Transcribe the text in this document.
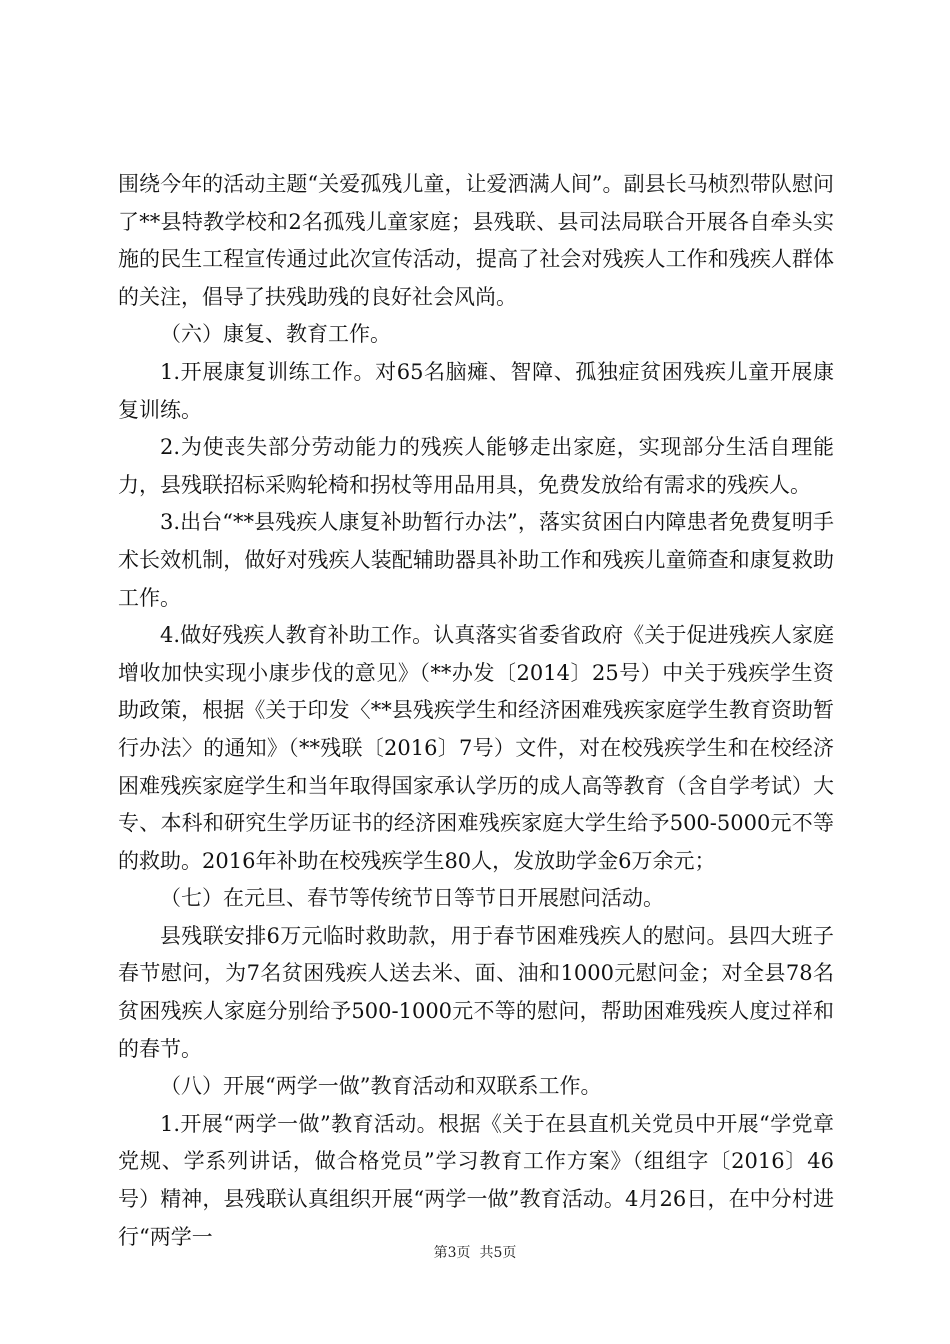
围绕今年的活动主题“关爱孤残儿童，让爱洒满人间”。副县长马桢烈带队慰问了**县特教学校和2名孤残儿童家庭；县残联、县司法局联合开展各自牵头实施的民生工程宣传通过此次宣传活动，提高了社会对残疾人工作和残疾人群体的关注，倡导了扶残助残的良好社会风尚。

（六）康复、教育工作。

1.开展康复训练工作。对65名脑瘫、智障、孤独症贫困残疾儿童开展康复训练。

2.为使丧失部分劳动能力的残疾人能够走出家庭，实现部分生活自理能力，县残联招标采购轮椅和拐杖等用品用具，免费发放给有需求的残疾人。

3.出台“**县残疾人康复补助暂行办法”，落实贫困白内障患者免费复明手术长效机制，做好对残疾人装配辅助器具补助工作和残疾儿童筛查和康复救助工作。

4.做好残疾人教育补助工作。认真落实省委省政府《关于促进残疾人家庭增收加快实现小康步伐的意见》（**办发〔2014〕25号）中关于残疾学生资助政策，根据《关于印发〈**县残疾学生和经济困难残疾家庭学生教育资助暂行办法〉的通知》（**残联〔2016〕7号）文件，对在校残疾学生和在校经济困难残疾家庭学生和当年取得国家承认学历的成人高等教育（含自学考试）大专、本科和研究生学历证书的经济困难残疾家庭大学生给予500-5000元不等的救助。2016年补助在校残疾学生80人，发放助学金6万余元；

（七）在元旦、春节等传统节日等节日开展慰问活动。

县残联安排6万元临时救助款，用于春节困难残疾人的慰问。县四大班子春节慰问，为7名贫困残疾人送去米、面、油和1000元慰问金；对全县78名贫困残疾人家庭分别给予500-1000元不等的慰问，帮助困难残疾人度过祥和的春节。

（八）开展“两学一做”教育活动和双联系工作。

1.开展“两学一做”教育活动。根据《关于在县直机关党员中开展“学党章党规、学系列讲话，做合格党员”学习教育工作方案》（组组字〔2016〕46号）精神，县残联认真组织开展“两学一做”教育活动。4月26日，在中分村进行“两学一

第3页  共5页
